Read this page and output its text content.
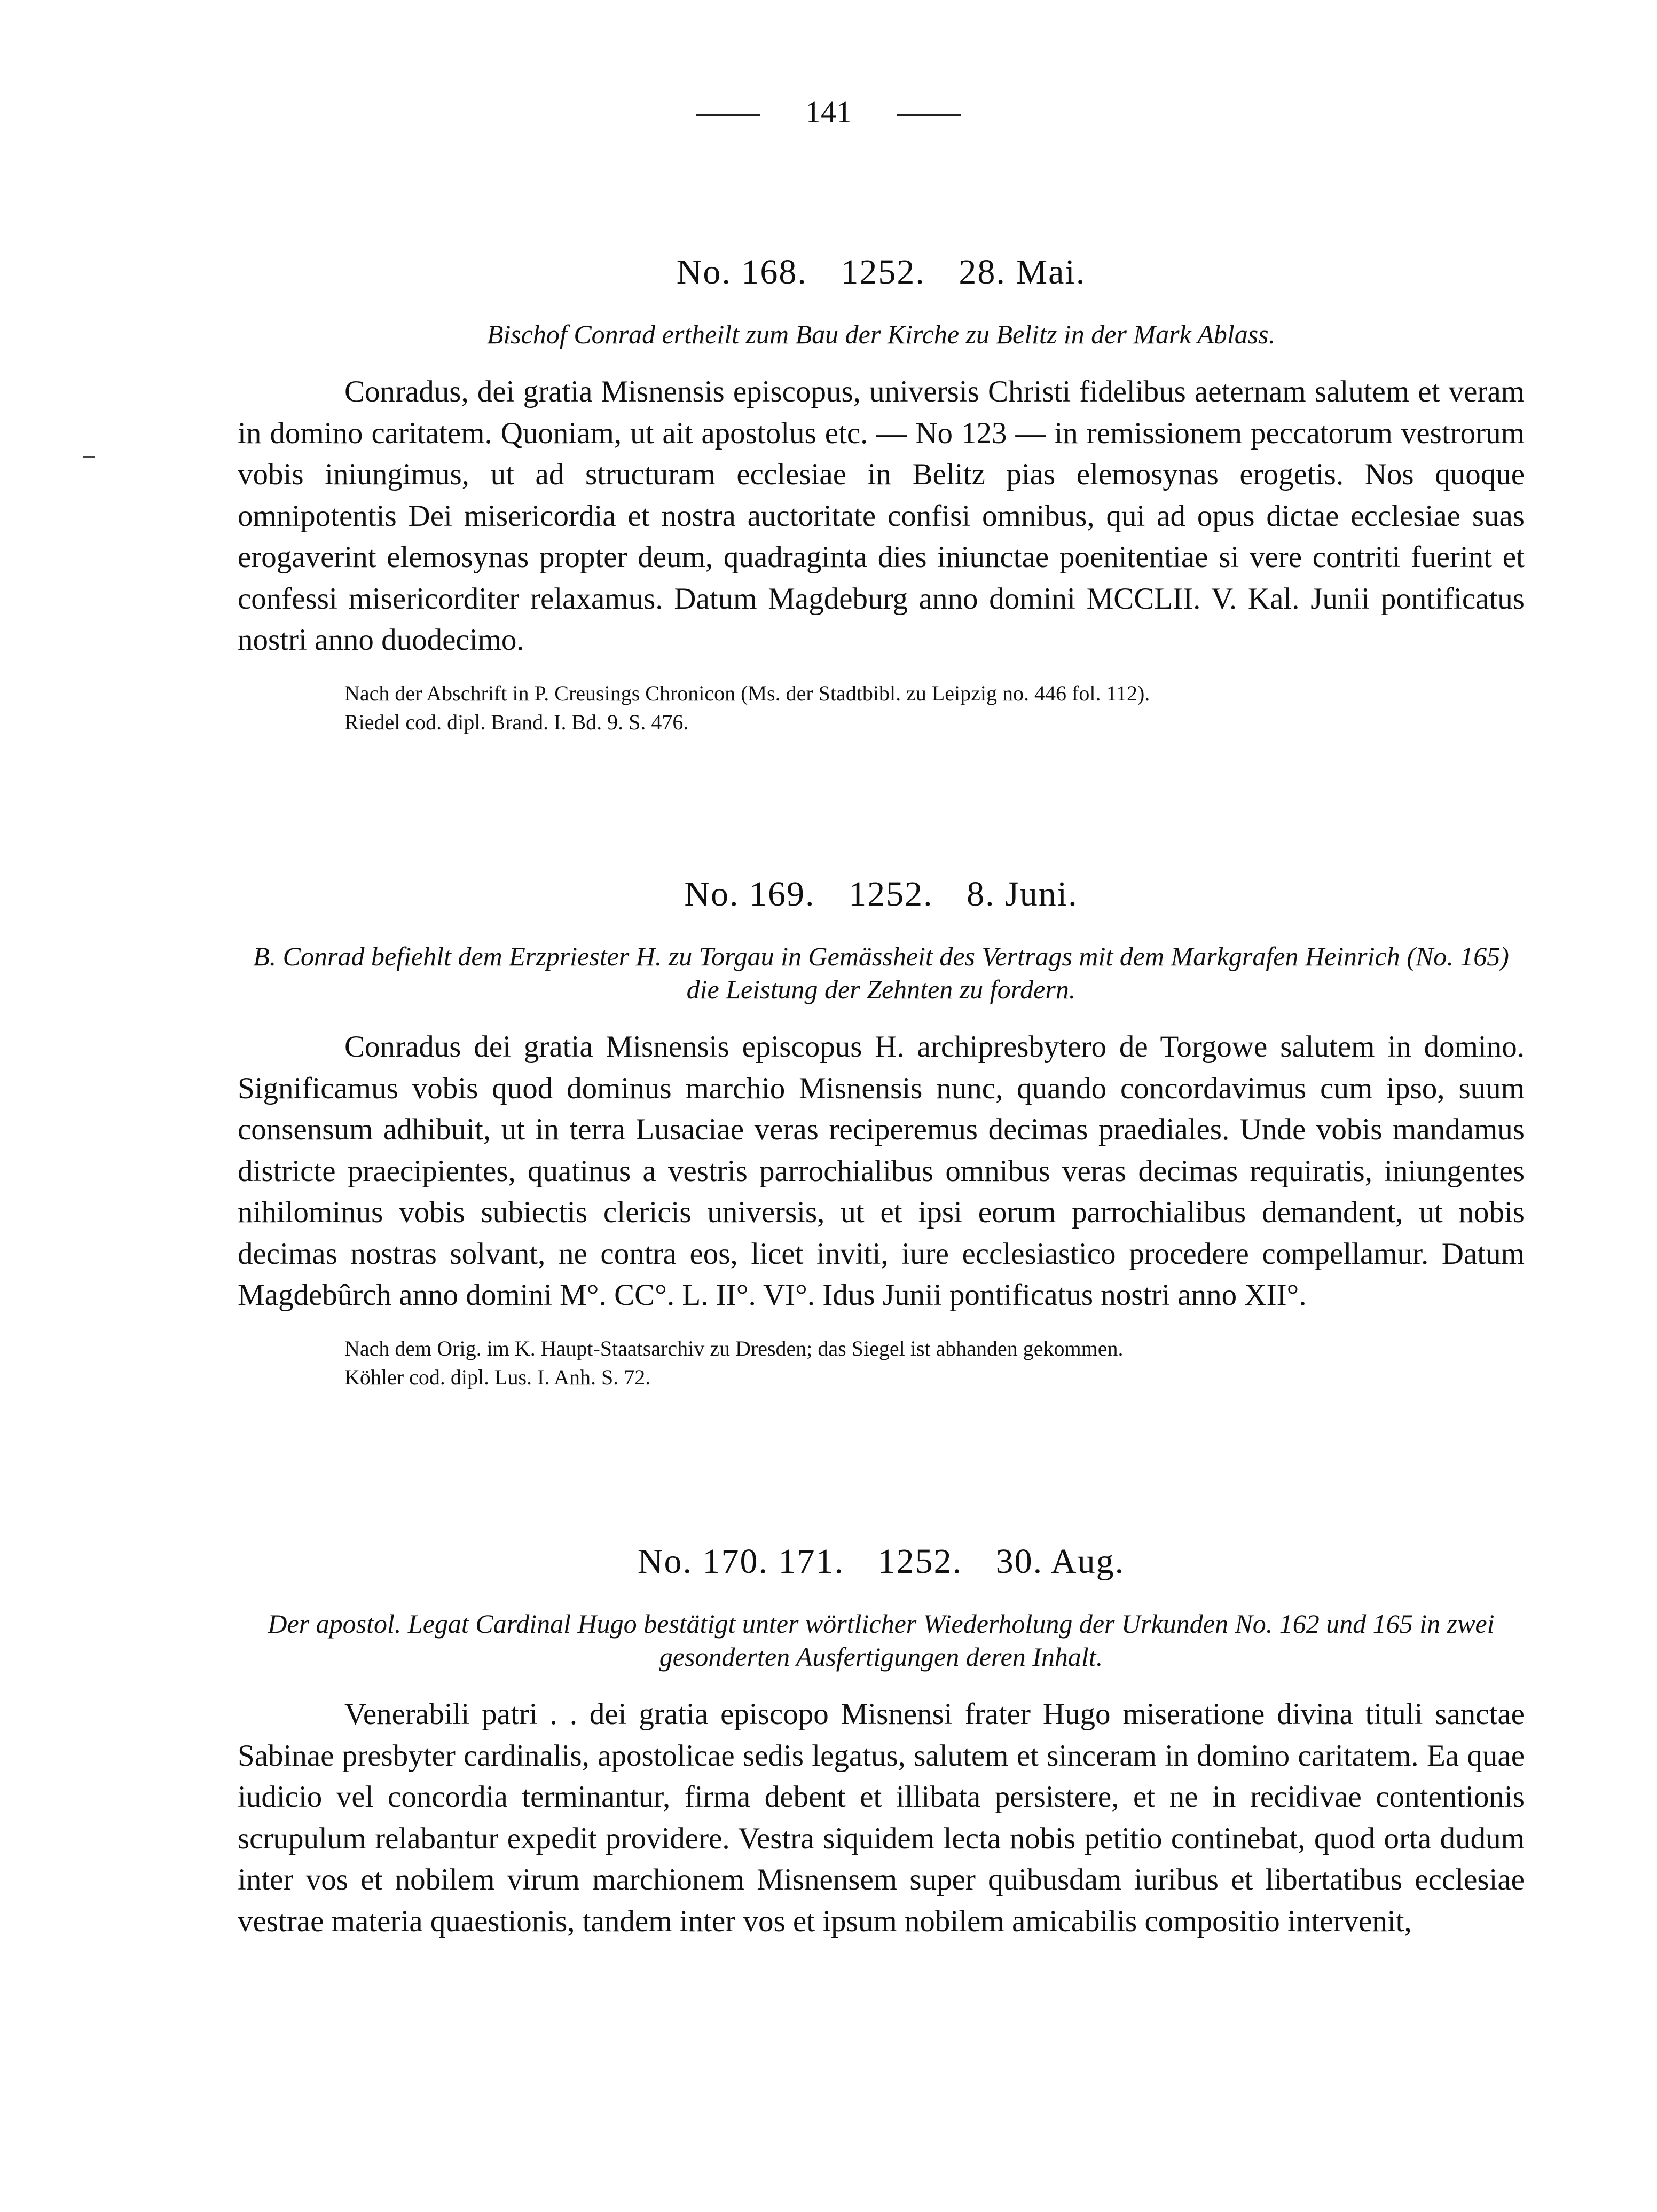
141
No. 168. 1252. 28. Mai.

Bischof Conrad ertheilt zum Bau der Kirche zu Belitz in der Mark Ablass.

Conradus, dei gratia Misnensis episcopus, universis Christi fidelibus aeternam salutem et veram in domino caritatem. Quoniam, ut ait apostolus etc. — No 123 — in remissionem peccatorum vestrorum vobis iniungimus, ut ad structuram ecclesiae in Belitz pias elemosynas erogetis. Nos quoque omnipotentis Dei misericordia et nostra auctoritate confisi omnibus, qui ad opus dictae ecclesiae suas erogaverint elemosynas propter deum, quadraginta dies iniunctae poenitentiae si vere contriti fuerint et confessi misericorditer relaxamus. Datum Magdeburg anno domini MCCLII. V. Kal. Junii pontificatus nostri anno duodecimo.

Nach der Abschrift in P. Creusings Chronicon (Ms. der Stadtbibl. zu Leipzig no. 446 fol. 112).

Riedel cod. dipl. Brand. I. Bd. 9. S. 476.

No. 169. 1252. 8. Juni.

B. Conrad befiehlt dem Erzpriester H. zu Torgau in Gemässheit des Vertrags mit dem Markgrafen Heinrich (No. 165) die Leistung der Zehnten zu fordern.

Conradus dei gratia Misnensis episcopus H. archipresbytero de Torgowe salutem in domino. Significamus vobis quod dominus marchio Misnensis nunc, quando concordavimus cum ipso, suum consensum adhibuit, ut in terra Lusaciae veras reciperemus decimas praediales. Unde vobis mandamus districte praecipientes, quatinus a vestris parrochialibus omnibus veras decimas requiratis, iniungentes nihilominus vobis subiectis clericis universis, ut et ipsi eorum parrochialibus demandent, ut nobis decimas nostras solvant, ne contra eos, licet inviti, iure ecclesiastico procedere compellamur. Datum Magdebûrch anno domini M°. CC°. L. II°. VI°. Idus Junii pontificatus nostri anno XII°.

Nach dem Orig. im K. Haupt-Staatsarchiv zu Dresden; das Siegel ist abhanden gekommen.

Köhler cod. dipl. Lus. I. Anh. S. 72.

No. 170. 171. 1252. 30. Aug.

Der apostol. Legat Cardinal Hugo bestätigt unter wörtlicher Wiederholung der Urkunden No. 162 und 165 in zwei gesonderten Ausfertigungen deren Inhalt.

Venerabili patri . . dei gratia episcopo Misnensi frater Hugo miseratione divina tituli sanctae Sabinae presbyter cardinalis, apostolicae sedis legatus, salutem et sinceram in domino caritatem. Ea quae iudicio vel concordia terminantur, firma debent et illibata persistere, et ne in recidivae contentionis scrupulum relabantur expedit providere. Vestra siquidem lecta nobis petitio continebat, quod orta dudum inter vos et nobilem virum marchionem Misnensem super quibusdam iuribus et libertatibus ecclesiae vestrae materia quaestionis, tandem inter vos et ipsum nobilem amicabilis compositio intervenit,
